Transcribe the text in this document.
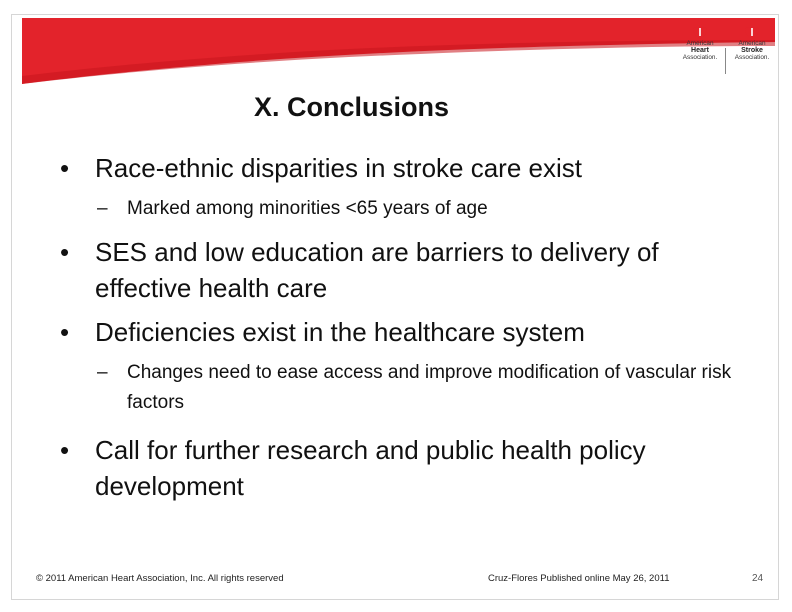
American
Heart
Association.
American
Stroke
Association.
X. Conclusions
• Race-ethnic disparities in stroke care exist
– Marked among minorities <65 years of age
• SES and low education are barriers to delivery of effective health care
• Deficiencies exist in the healthcare system
– Changes need to ease access and improve modification of vascular risk factors
• Call for further research and public health policy development
© 2011 American Heart Association, Inc. All rights reserved	Cruz-Flores Published online May 26, 2011	24
